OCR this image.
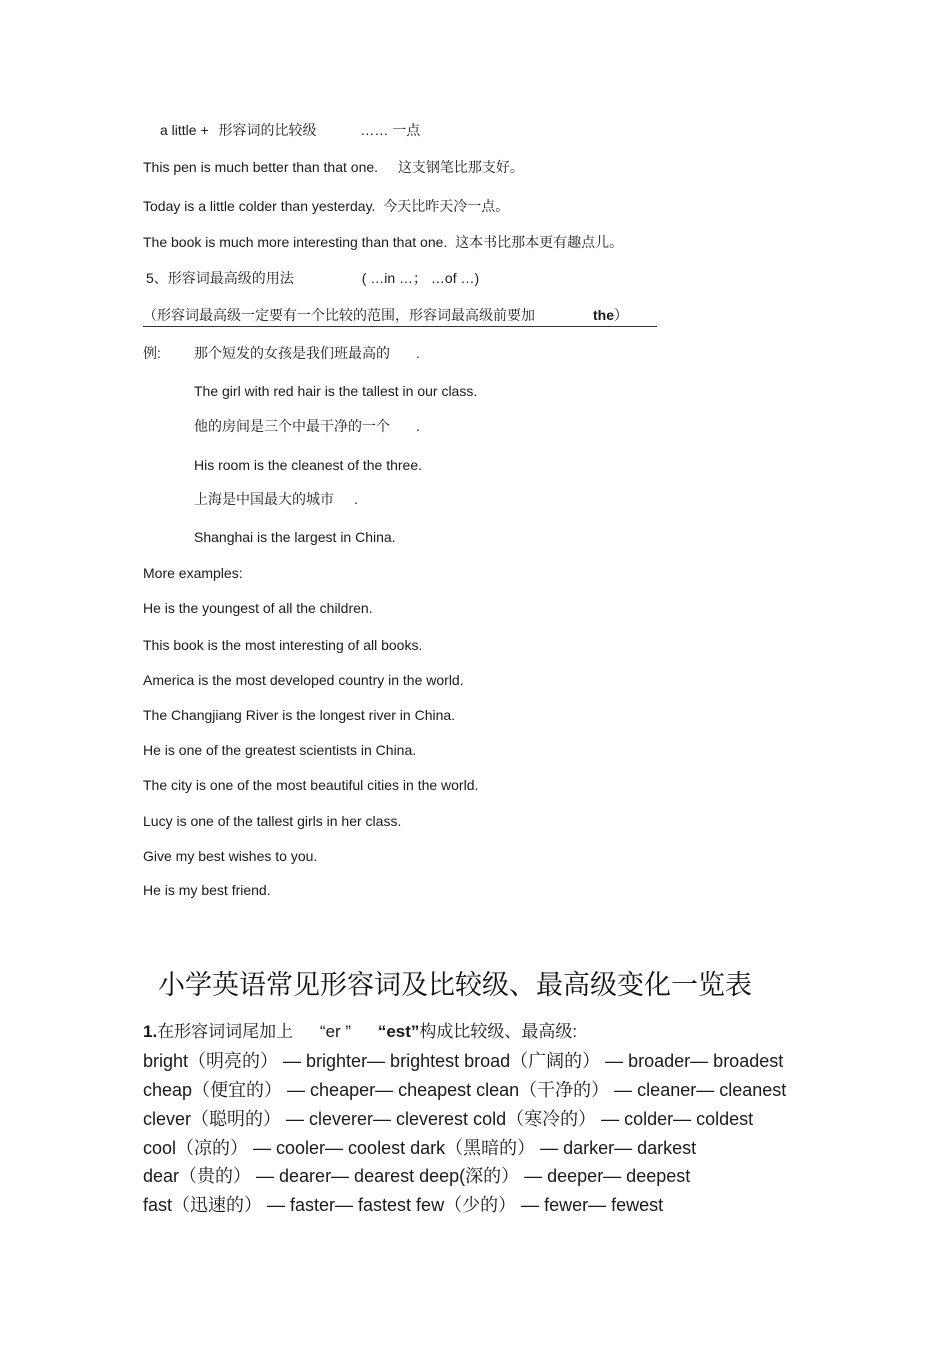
a little + 形容词的比较级	…… 一点
This pen is much better than that one. 这支钢笔比那支好。
Today is a little colder than yesterday. 今天比昨天冷一点。
The book is much more interesting than that one. 这本书比那本更有趣点儿。
5、形容词最高级的用法	( …in …； …of …)
（形容词最高级一定要有一个比较的范围，形容词最高级前要加	the）
例: 那个短发的女孩是我们班最高的 .
The girl with red hair is the tallest in our class.
他的房间是三个中最干净的一个 .
His room is the cleanest of the three.
上海是中国最大的城市 .
Shanghai is the largest in China.
More examples:
He is the youngest of all the children.
This book is the most interesting of all books.
America is the most developed country in the world.
The Changjiang River is the longest river in China.
He is one of the greatest scientists in China.
The city is one of the most beautiful cities in the world.
Lucy is one of the tallest girls in her class.
Give my best wishes to you.
He is my best friend.
小学英语常见形容词及比较级、最高级变化一览表
1.在形容词词尾加上 “er ” “est”构成比较级、最高级:
bright（明亮的） — brighter— brightest broad（广阔的） — broader— broadest
cheap（便宜的） — cheaper— cheapest clean（干净的） — cleaner— cleanest
clever（聪明的） — cleverer— cleverest cold（寒冷的） — colder— coldest
cool（凉的） — cooler— coolest dark（黑暗的） — darker— darkest
dear（贵的） — dearer— dearest deep(深的） — deeper— deepest
fast（迅速的） — faster— fastest few（少的） — fewer— fewest
